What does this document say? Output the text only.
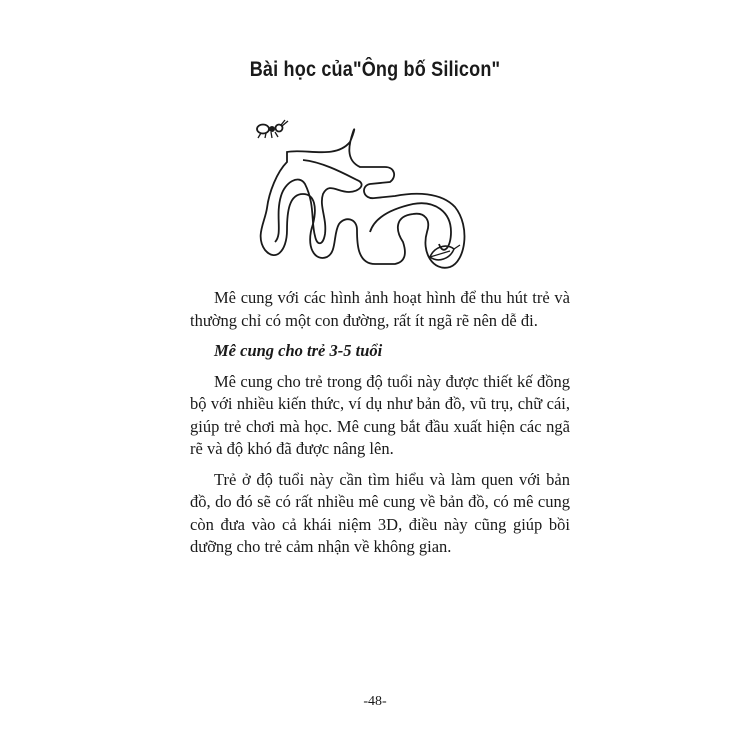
Bài học của"Ông bố Silicon"

Mê cung với các hình ảnh hoạt hình để thu hút trẻ và thường chỉ có một con đường, rất ít ngã rẽ nên dễ đi.

Mê cung cho trẻ 3-5 tuổi

Mê cung cho trẻ trong độ tuổi này được thiết kế đồng bộ với nhiều kiến thức, ví dụ như bản đồ, vũ trụ, chữ cái, giúp trẻ chơi mà học. Mê cung bắt đầu xuất hiện các ngã rẽ và độ khó đã được nâng lên.

Trẻ ở độ tuổi này cần tìm hiểu và làm quen với bản đồ, do đó sẽ có rất nhiều mê cung về bản đồ, có mê cung còn đưa vào cả khái niệm 3D, điều này cũng giúp bồi dưỡng cho trẻ cảm nhận về không gian.

-48-
